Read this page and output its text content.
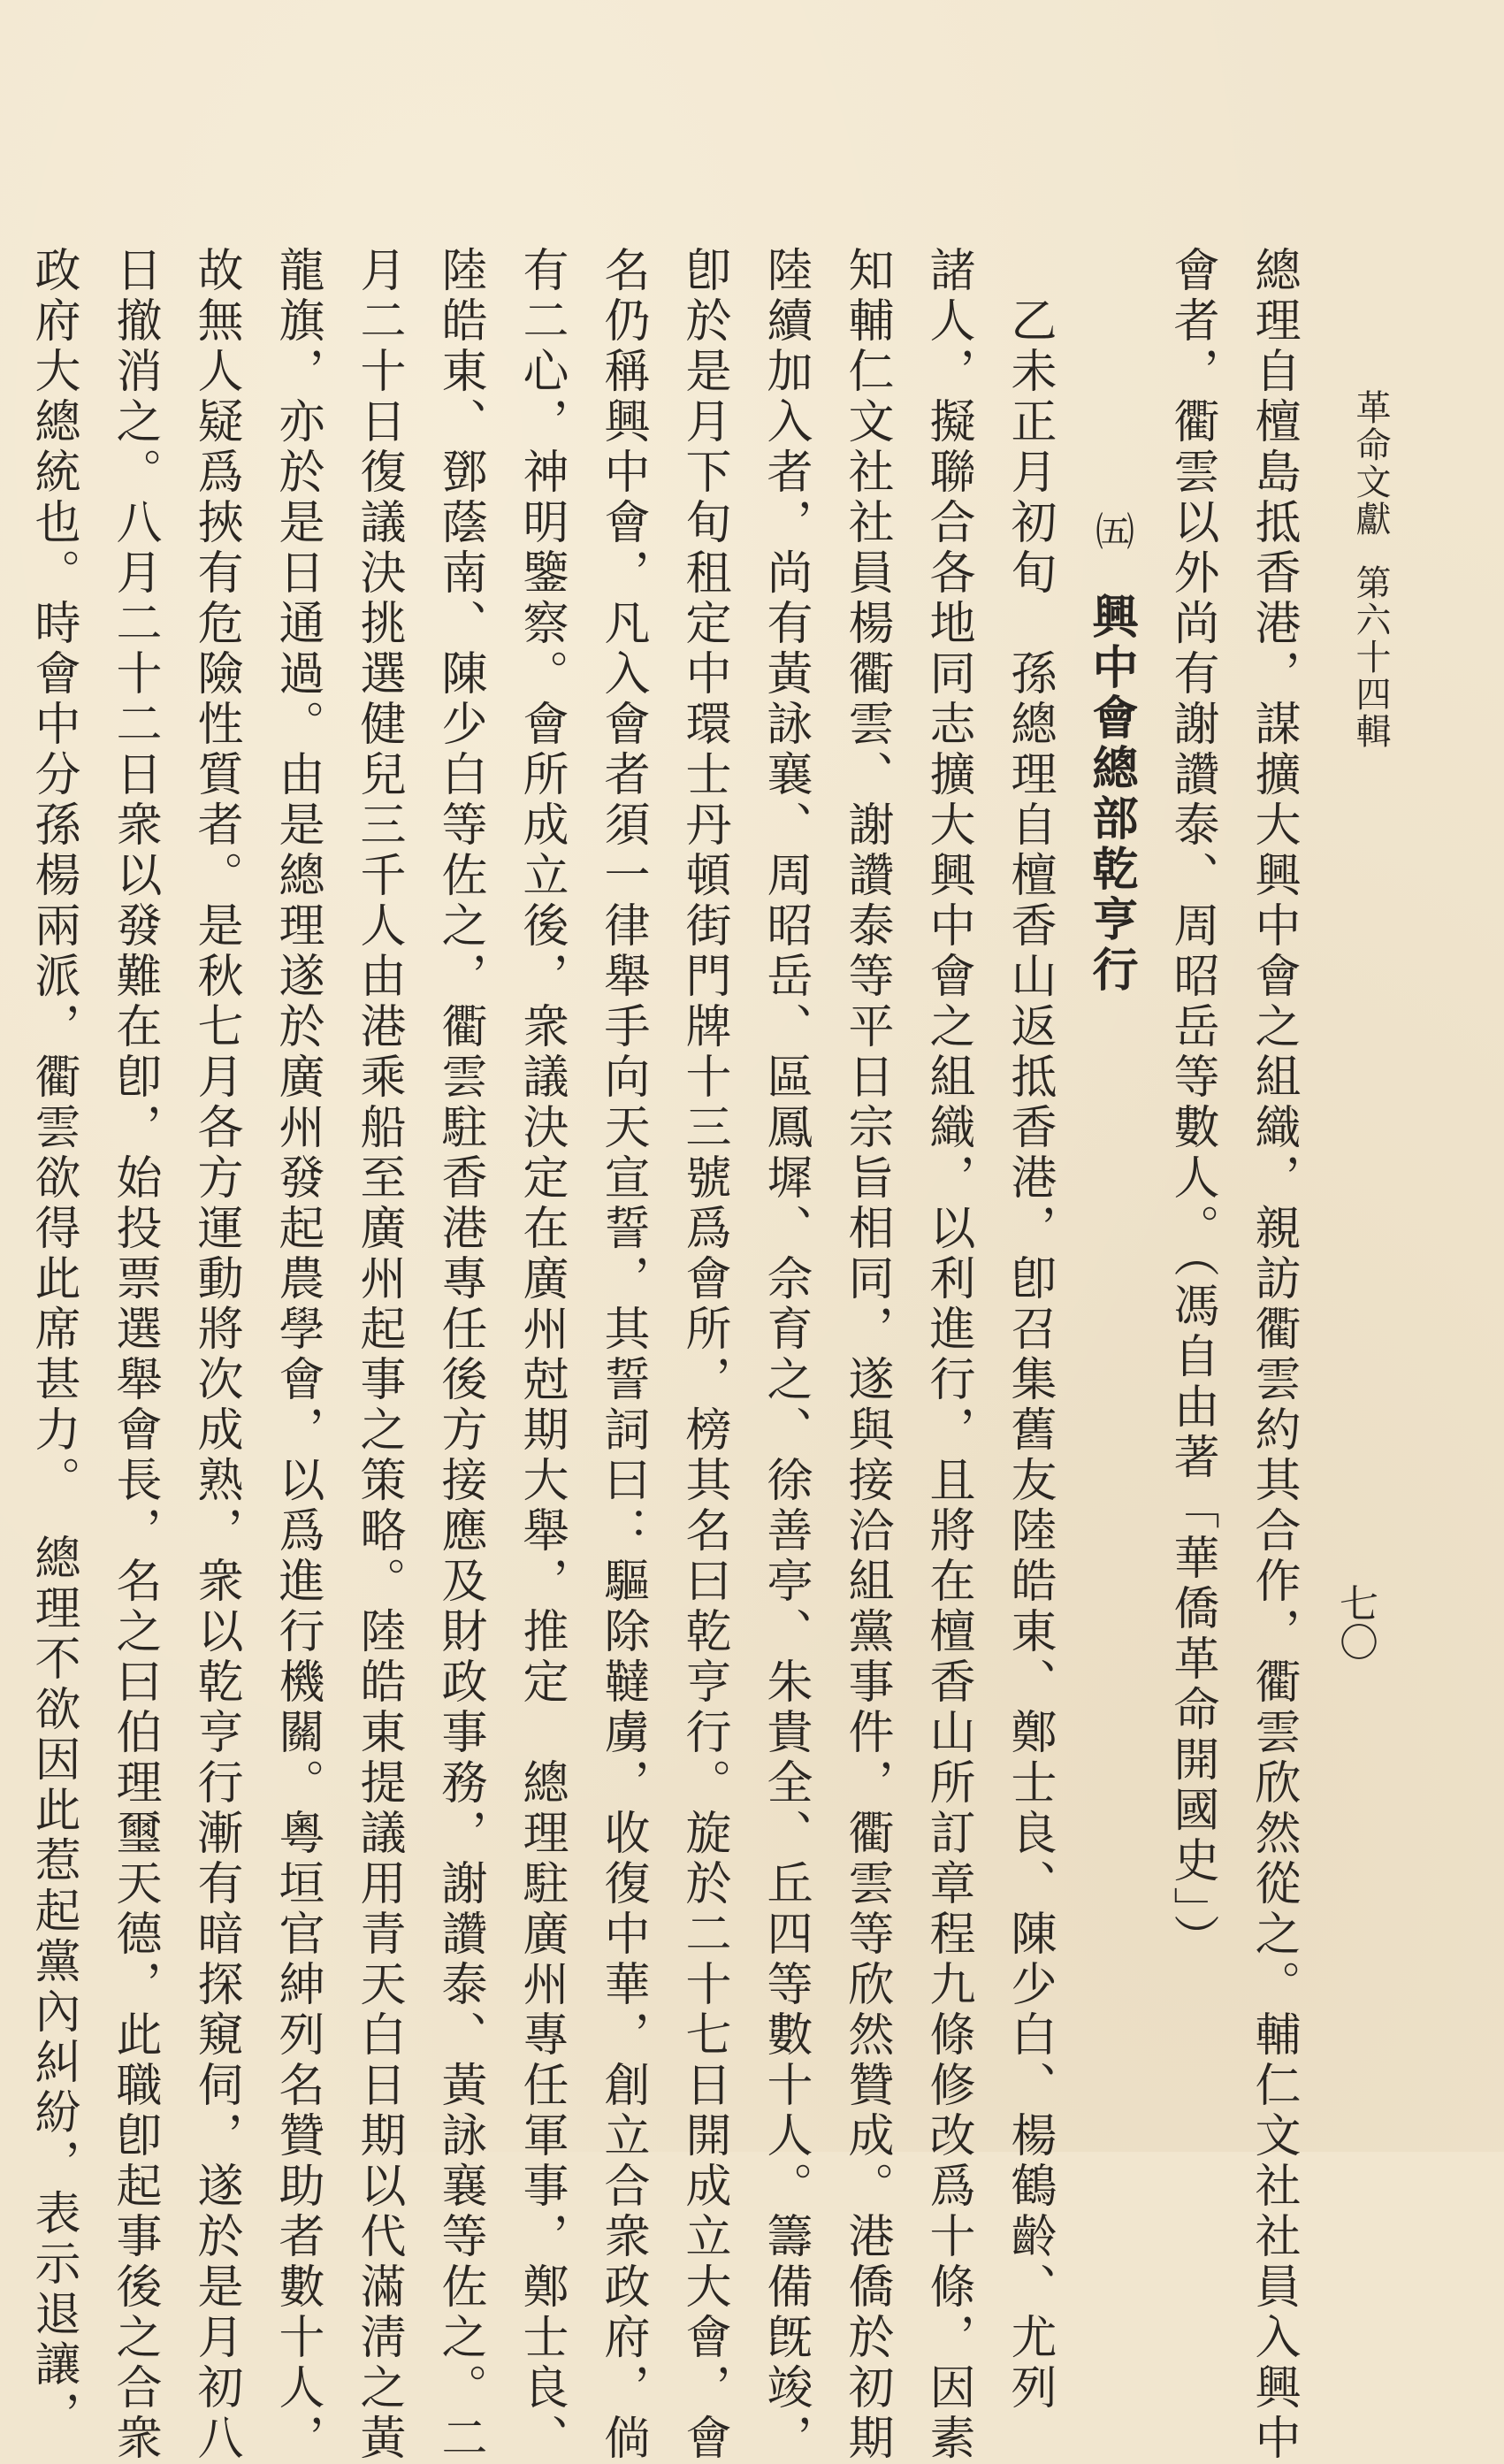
革命文獻
第六十四輯
七〇
總理自檀島抵香港，謀擴大興中會之組織，親訪衢雲約其合作，衢雲欣然從之。輔仁文社社員入興中
會者，衢雲以外尚有謝讚泰、周昭岳等數人。（馮自由著「華僑革命開國史」）
㈤ 興中會總部乾亨行
　乙未正月初旬　孫總理自檀香山返抵香港，卽召集舊友陸皓東、鄭士良、陳少白、楊鶴齡、尤列
諸人，擬聯合各地同志擴大興中會之組織，以利進行，且將在檀香山所訂章程九條修改爲十條，因素
知輔仁文社社員楊衢雲、謝讚泰等平日宗旨相同，遂與接洽組黨事件，衢雲等欣然贊成。港僑於初期
陸續加入者，尚有黃詠襄、周昭岳、區鳳墀、佘育之、徐善亭、朱貴全、丘四等數十人。籌備旣竣，
卽於是月下旬租定中環士丹頓街門牌十三號爲會所，榜其名曰乾亨行。旋於二十七日開成立大會，會
名仍稱興中會，凡入會者須一律舉手向天宣誓，其誓詞曰：驅除韃虜，收復中華，創立合衆政府，倘
有二心，神明鑒察。會所成立後，衆議決定在廣州尅期大舉，推定　總理駐廣州專任軍事，鄭士良、
陸皓東、鄧蔭南、陳少白等佐之，衢雲駐香港專任後方接應及財政事務，謝讚泰、黃詠襄等佐之。二
月二十日復議決挑選健兒三千人由港乘船至廣州起事之策略。陸皓東提議用青天白日期以代滿淸之黃
龍旗，亦於是日通過。由是總理遂於廣州發起農學會，以爲進行機關。粵垣官紳列名贊助者數十人，
故無人疑爲挾有危險性質者。是秋七月各方運動將次成熟，衆以乾亨行漸有暗探窺伺，遂於是月初八
日撤消之。八月二十二日衆以發難在卽，始投票選舉會長，名之曰伯理璽天德，此職卽起事後之合衆
政府大總統也。時會中分孫楊兩派，衢雲欲得此席甚力。　總理不欲因此惹起黨內糾紛，表示退讓，
